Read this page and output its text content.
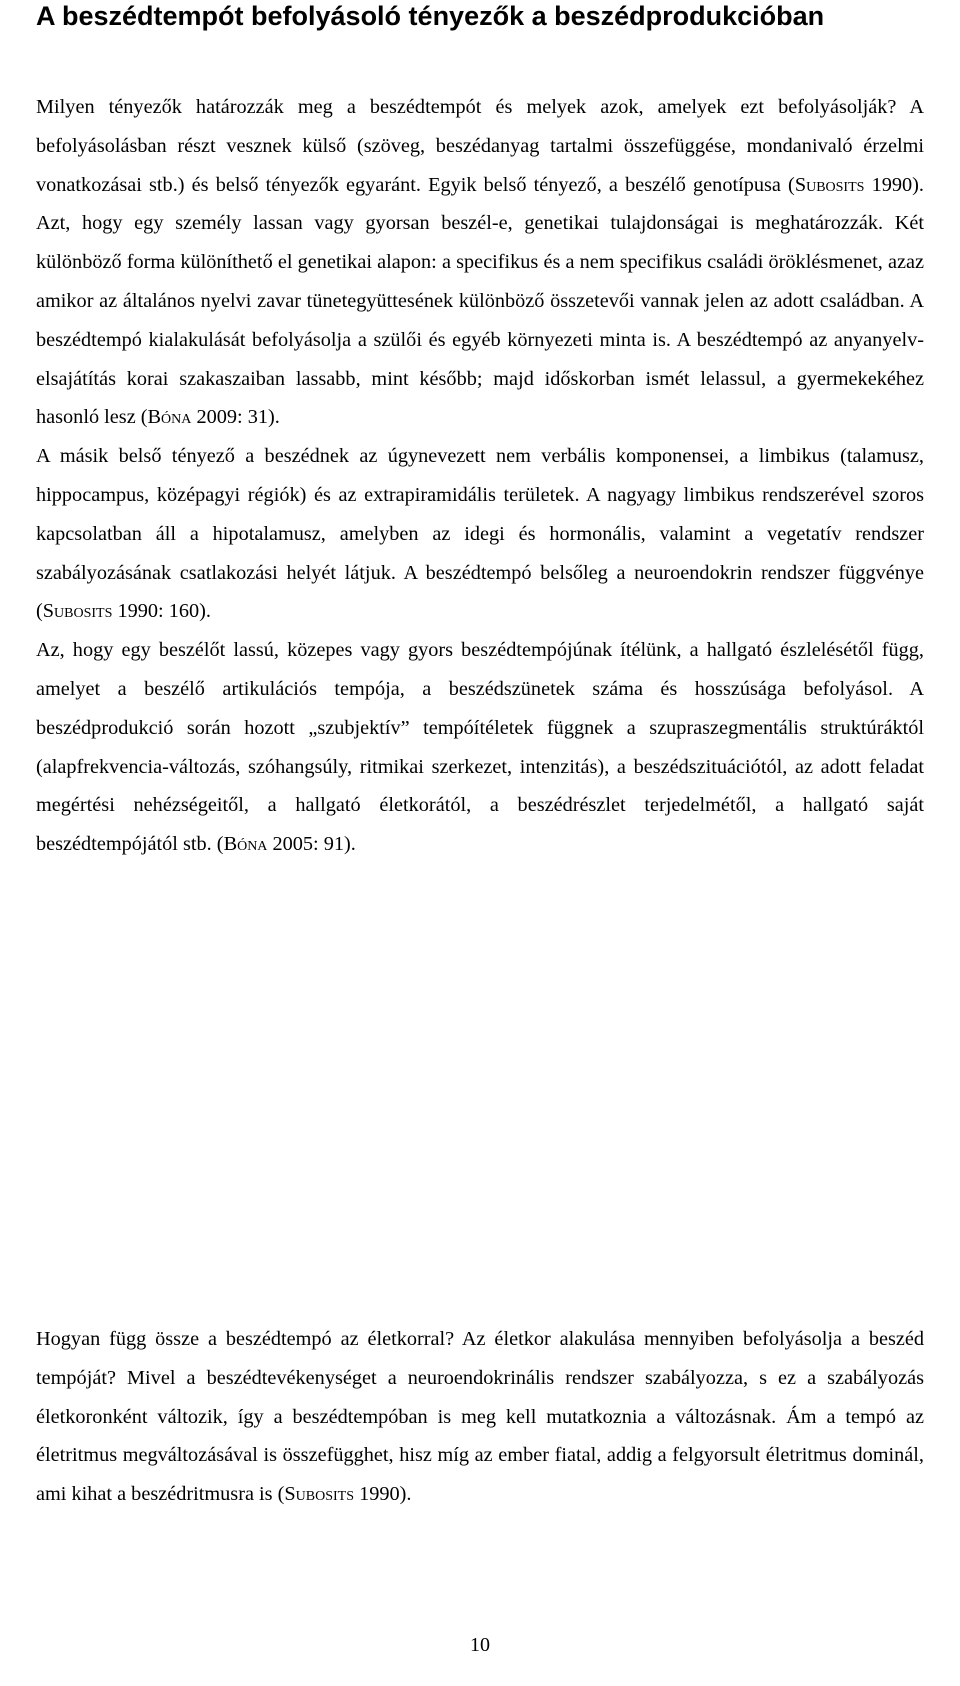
A beszédtempót befolyásoló tényezők a beszédprodukcióban

Milyen tényezők határozzák meg a beszédtempót és melyek azok, amelyek ezt befolyásolják? A befolyásolásban részt vesznek külső (szöveg, beszédanyag tartalmi összefüggése, mondanivaló érzelmi vonatkozásai stb.) és belső tényezők egyaránt. Egyik belső tényező, a beszélő genotípusa (Subosits 1990). Azt, hogy egy személy lassan vagy gyorsan beszél-e, genetikai tulajdonságai is meghatározzák. Két különböző forma különíthető el genetikai alapon: a specifikus és a nem specifikus családi öröklésmenet, azaz amikor az általános nyelvi zavar tünetegyüttesének különböző összetevői vannak jelen az adott családban. A beszédtempó kialakulását befolyásolja a szülői és egyéb környezeti minta is. A beszédtempó az anyanyelv-elsajátítás korai szakaszaiban lassabb, mint később; majd időskorban ismét lelassul, a gyermekekéhez hasonló lesz (Bóna 2009: 31).

A másik belső tényező a beszédnek az úgynevezett nem verbális komponensei, a limbikus (talamusz, hippocampus, középagyi régiók) és az extrapiramidális területek. A nagyagy limbikus rendszerével szoros kapcsolatban áll a hipotalamusz, amelyben az idegi és hormonális, valamint a vegetatív rendszer szabályozásának csatlakozási helyét látjuk. A beszédtempó belsőleg a neuroendokrin rendszer függvénye (Subosits 1990: 160).

Az, hogy egy beszélőt lassú, közepes vagy gyors beszédtempójúnak ítélünk, a hallgató észlelésétől függ, amelyet a beszélő artikulációs tempója, a beszédszünetek száma és hosszúsága befolyásol. A beszédprodukció során hozott „szubjektív” tempóítéletek függnek a szupraszegmentális struktúráktól (alapfrekvencia-változás, szóhangsúly, ritmikai szerkezet, intenzitás), a beszédszituációtól, az adott feladat megértési nehézségeitől, a hallgató életkorától, a beszédrészlet terjedelmétől, a hallgató saját beszédtempójától stb. (Bóna 2005: 91).

Hogyan függ össze a beszédtempó az életkorral? Az életkor alakulása mennyiben befolyásolja a beszéd tempóját? Mivel a beszédtevékenységet a neuroendokrinális rendszer szabályozza, s ez a szabályozás életkoronként változik, így a beszédtempóban is meg kell mutatkoznia a változásnak. Ám a tempó az életritmus megváltozásával is összefügghet, hisz míg az ember fiatal, addig a felgyorsult életritmus dominál, ami kihat a beszédritmusra is (Subosits 1990).

10
